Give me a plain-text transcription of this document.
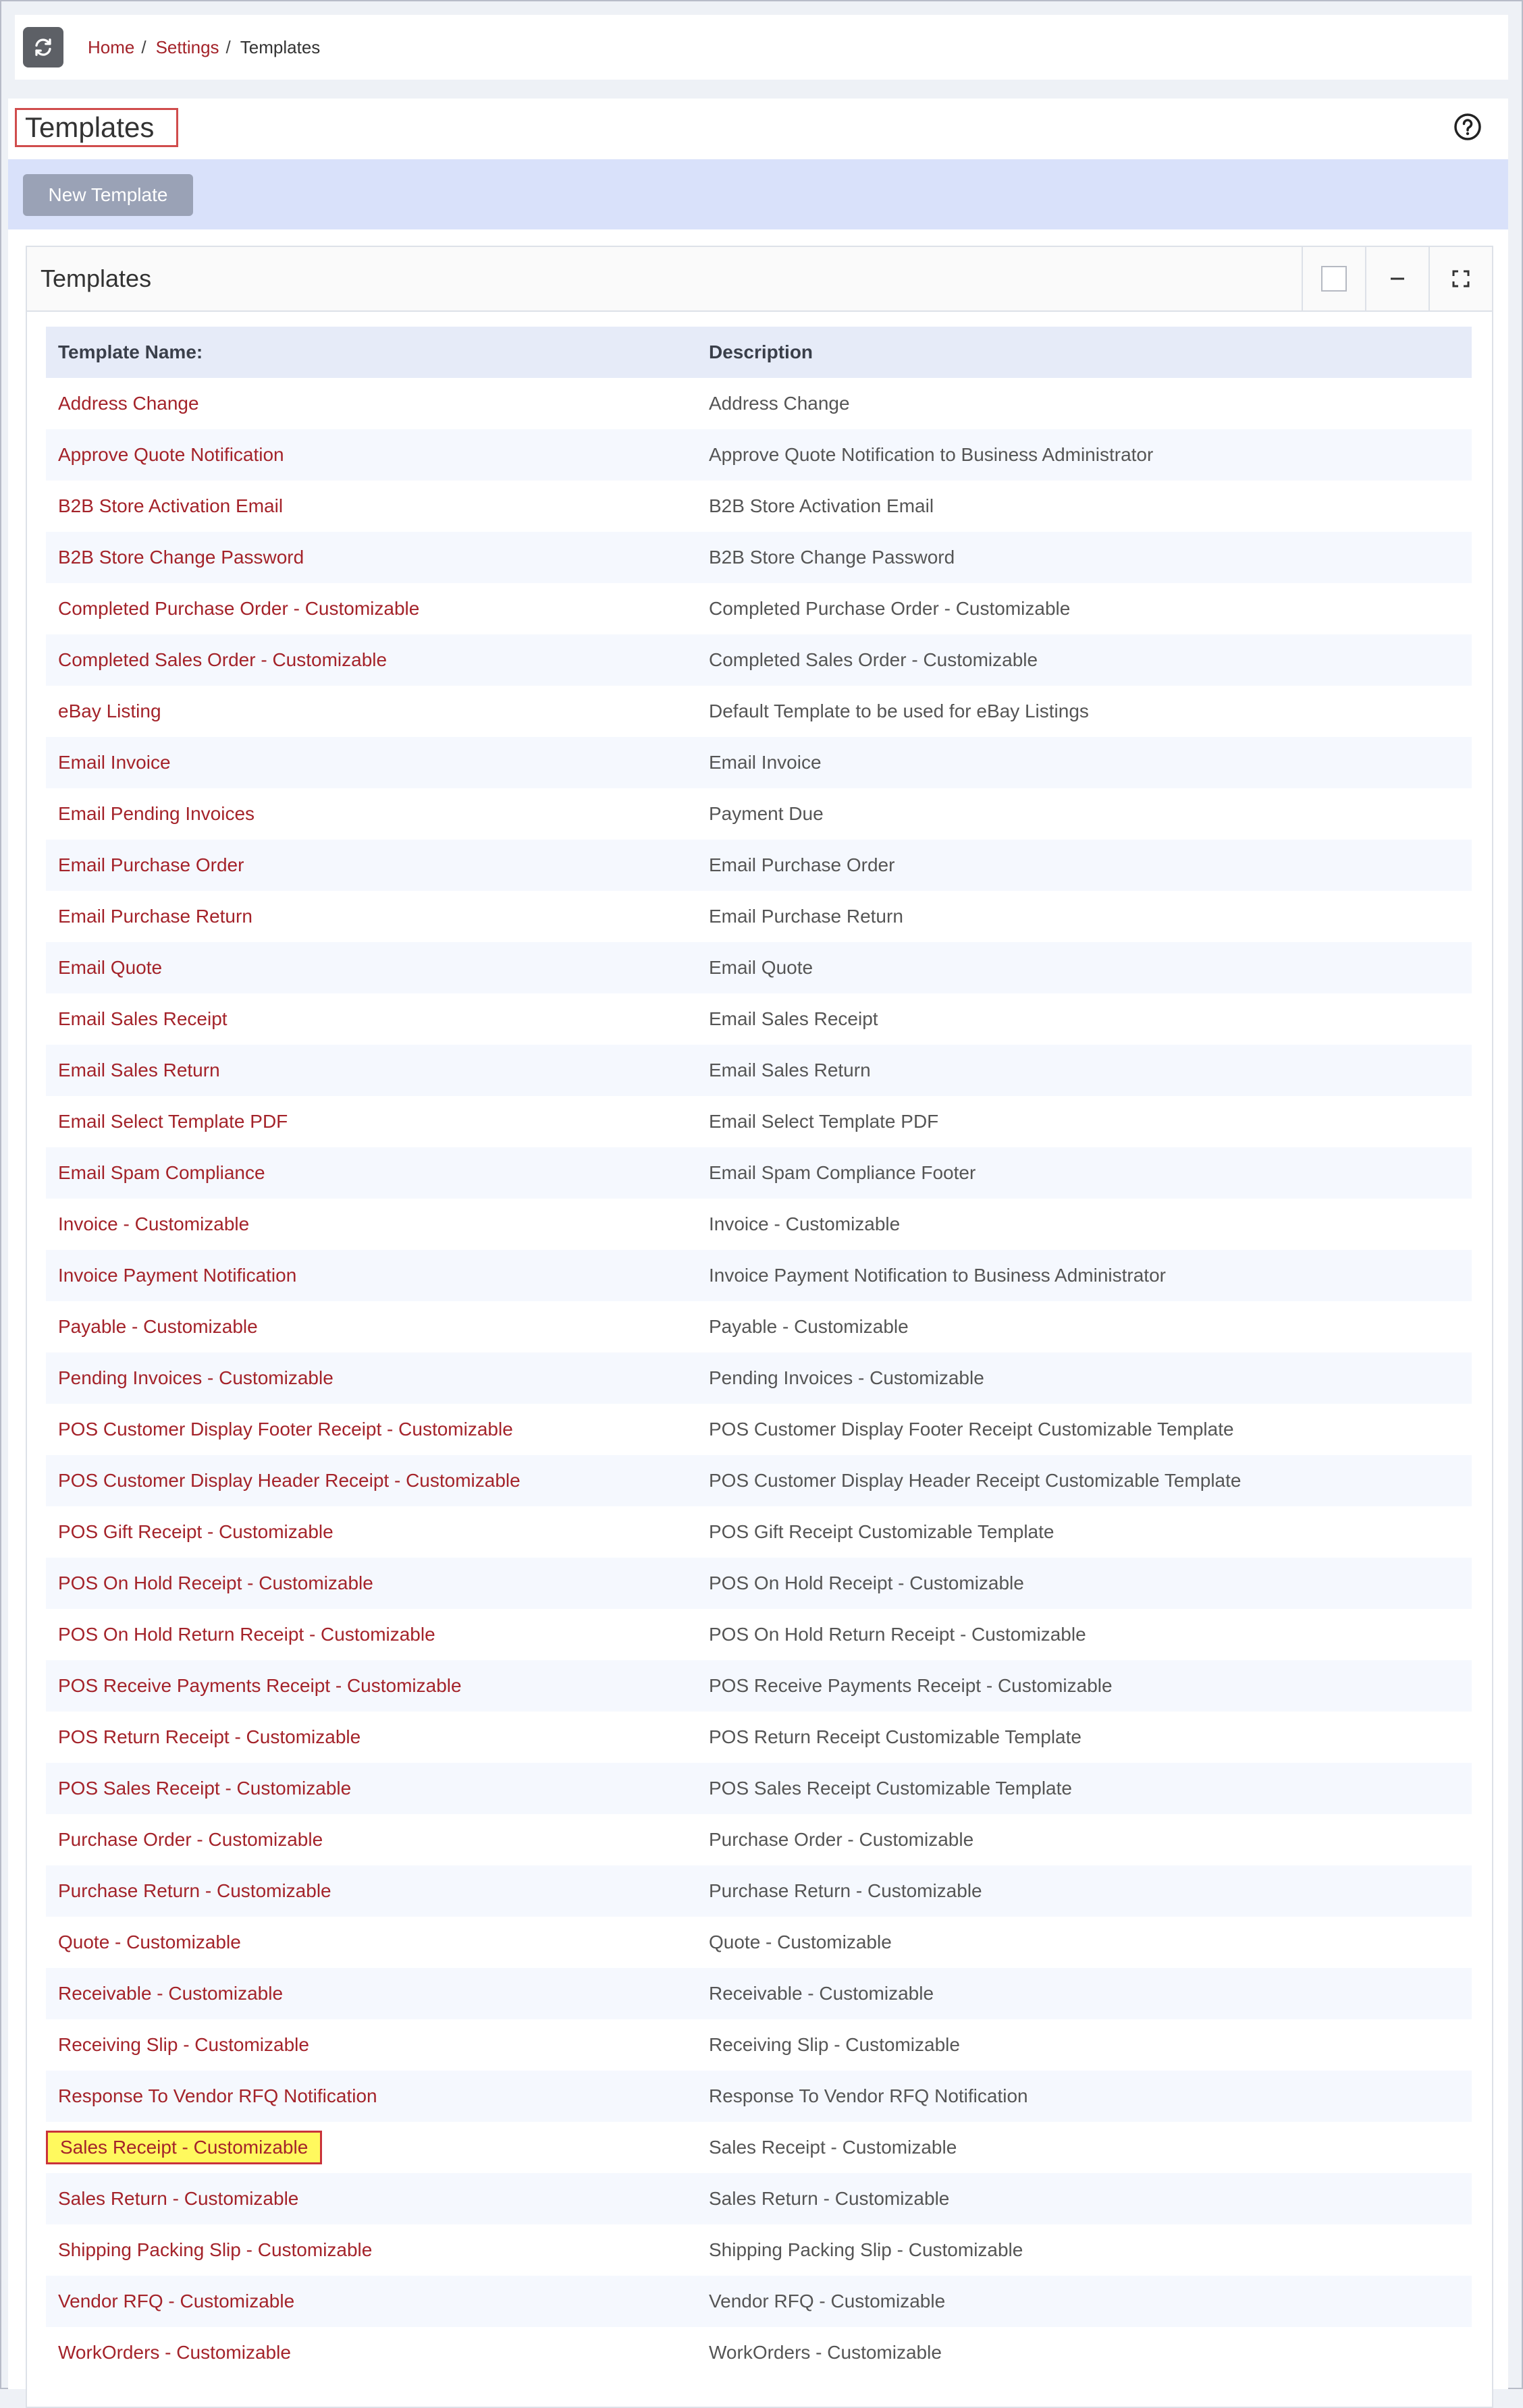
Home / Settings / Templates
Templates
New Template
Templates
Template Name:	Description
Address Change	Address Change
Approve Quote Notification	Approve Quote Notification to Business Administrator
B2B Store Activation Email	B2B Store Activation Email
B2B Store Change Password	B2B Store Change Password
Completed Purchase Order - Customizable	Completed Purchase Order - Customizable
Completed Sales Order - Customizable	Completed Sales Order - Customizable
eBay Listing	Default Template to be used for eBay Listings
Email Invoice	Email Invoice
Email Pending Invoices	Payment Due
Email Purchase Order	Email Purchase Order
Email Purchase Return	Email Purchase Return
Email Quote	Email Quote
Email Sales Receipt	Email Sales Receipt
Email Sales Return	Email Sales Return
Email Select Template PDF	Email Select Template PDF
Email Spam Compliance	Email Spam Compliance Footer
Invoice - Customizable	Invoice - Customizable
Invoice Payment Notification	Invoice Payment Notification to Business Administrator
Payable - Customizable	Payable - Customizable
Pending Invoices - Customizable	Pending Invoices - Customizable
POS Customer Display Footer Receipt - Customizable	POS Customer Display Footer Receipt Customizable Template
POS Customer Display Header Receipt - Customizable	POS Customer Display Header Receipt Customizable Template
POS Gift Receipt - Customizable	POS Gift Receipt Customizable Template
POS On Hold Receipt - Customizable	POS On Hold Receipt - Customizable
POS On Hold Return Receipt - Customizable	POS On Hold Return Receipt - Customizable
POS Receive Payments Receipt - Customizable	POS Receive Payments Receipt - Customizable
POS Return Receipt - Customizable	POS Return Receipt Customizable Template
POS Sales Receipt - Customizable	POS Sales Receipt Customizable Template
Purchase Order - Customizable	Purchase Order - Customizable
Purchase Return - Customizable	Purchase Return - Customizable
Quote - Customizable	Quote - Customizable
Receivable - Customizable	Receivable - Customizable
Receiving Slip - Customizable	Receiving Slip - Customizable
Response To Vendor RFQ Notification	Response To Vendor RFQ Notification
Sales Receipt - Customizable	Sales Receipt - Customizable
Sales Return - Customizable	Sales Return - Customizable
Shipping Packing Slip - Customizable	Shipping Packing Slip - Customizable
Vendor RFQ - Customizable	Vendor RFQ - Customizable
WorkOrders - Customizable	WorkOrders - Customizable
